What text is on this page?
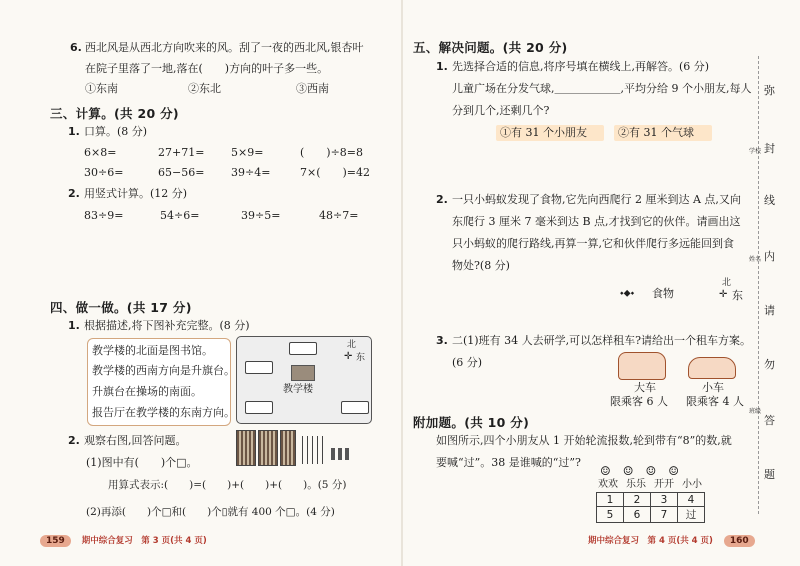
6. 西北风是从西北方向吹来的风。刮了一夜的西北风,银杏叶
在院子里落了一地,落在(　　)方向的叶子多一些。
①东南	②东北	③西南
三、计算。(共 20 分)
1. 口算。(8 分)
6×8=	27+71= 5×9=	(　　)÷8=8
30÷6=	65−56= 39÷4=	7×(　　)=42
2. 用竖式计算。(12 分)
83÷9=	54÷6=	39÷5=	48÷7=
四、做一做。(共 17 分)
1. 根据描述,将下图补充完整。(8 分)
教学楼的北面是图书馆。
教学楼的西南方向是升旗台。
升旗台在操场的南面。
报告厅在教学楼的东南方向。
教学楼
北
✛ 东
2. 观察右图,回答问题。
(1)图中有(　　)个□。
用算式表示:(　　)=(　　)+(　　)+(　　)。(5 分)
(2)再添(　　)个□和(　　)个▯就有 400 个□。(4 分)
159 期中综合复习　第 3 页(共 4 页)
五、解决问题。(共 20 分)
1. 先选择合适的信息,将序号填在横线上,再解答。(6 分)
儿童广场在分发气球,＿＿＿＿＿＿,平均分给 9 个小朋友,每人
分到几个,还剩几个?
①有 31 个小朋友	②有 31 个气球
2. 一只小蚂蚁发现了食物,它先向西爬行 2 厘米到达 A 点,又向
东爬行 3 厘米 7 毫米到达 B 点,才找到它的伙伴。请画出这
只小蚂蚁的爬行路线,再算一算,它和伙伴爬行多远能回到食
物处?(8 分)
⬩⬥⬩ 食物
北
✛ 东
3. 二(1)班有 34 人去研学,可以怎样租车?请给出一个租车方案。
(6 分)
大车
限乘客 6 人
小车
限乘客 4 人
附加题。(共 10 分)
如图所示,四个小朋友从 1 开始轮流报数,轮到带有“8”的数,就
要喊“过”。38 是谁喊的“过”?
☺　☺　☺　☺
欢欢 乐乐 开开 小小
1	2	3	4
5	6	7	过
弥
封
线
内
请
勿
答
题
学校
姓名
班级
期中综合复习　第 4 页(共 4 页) 160
